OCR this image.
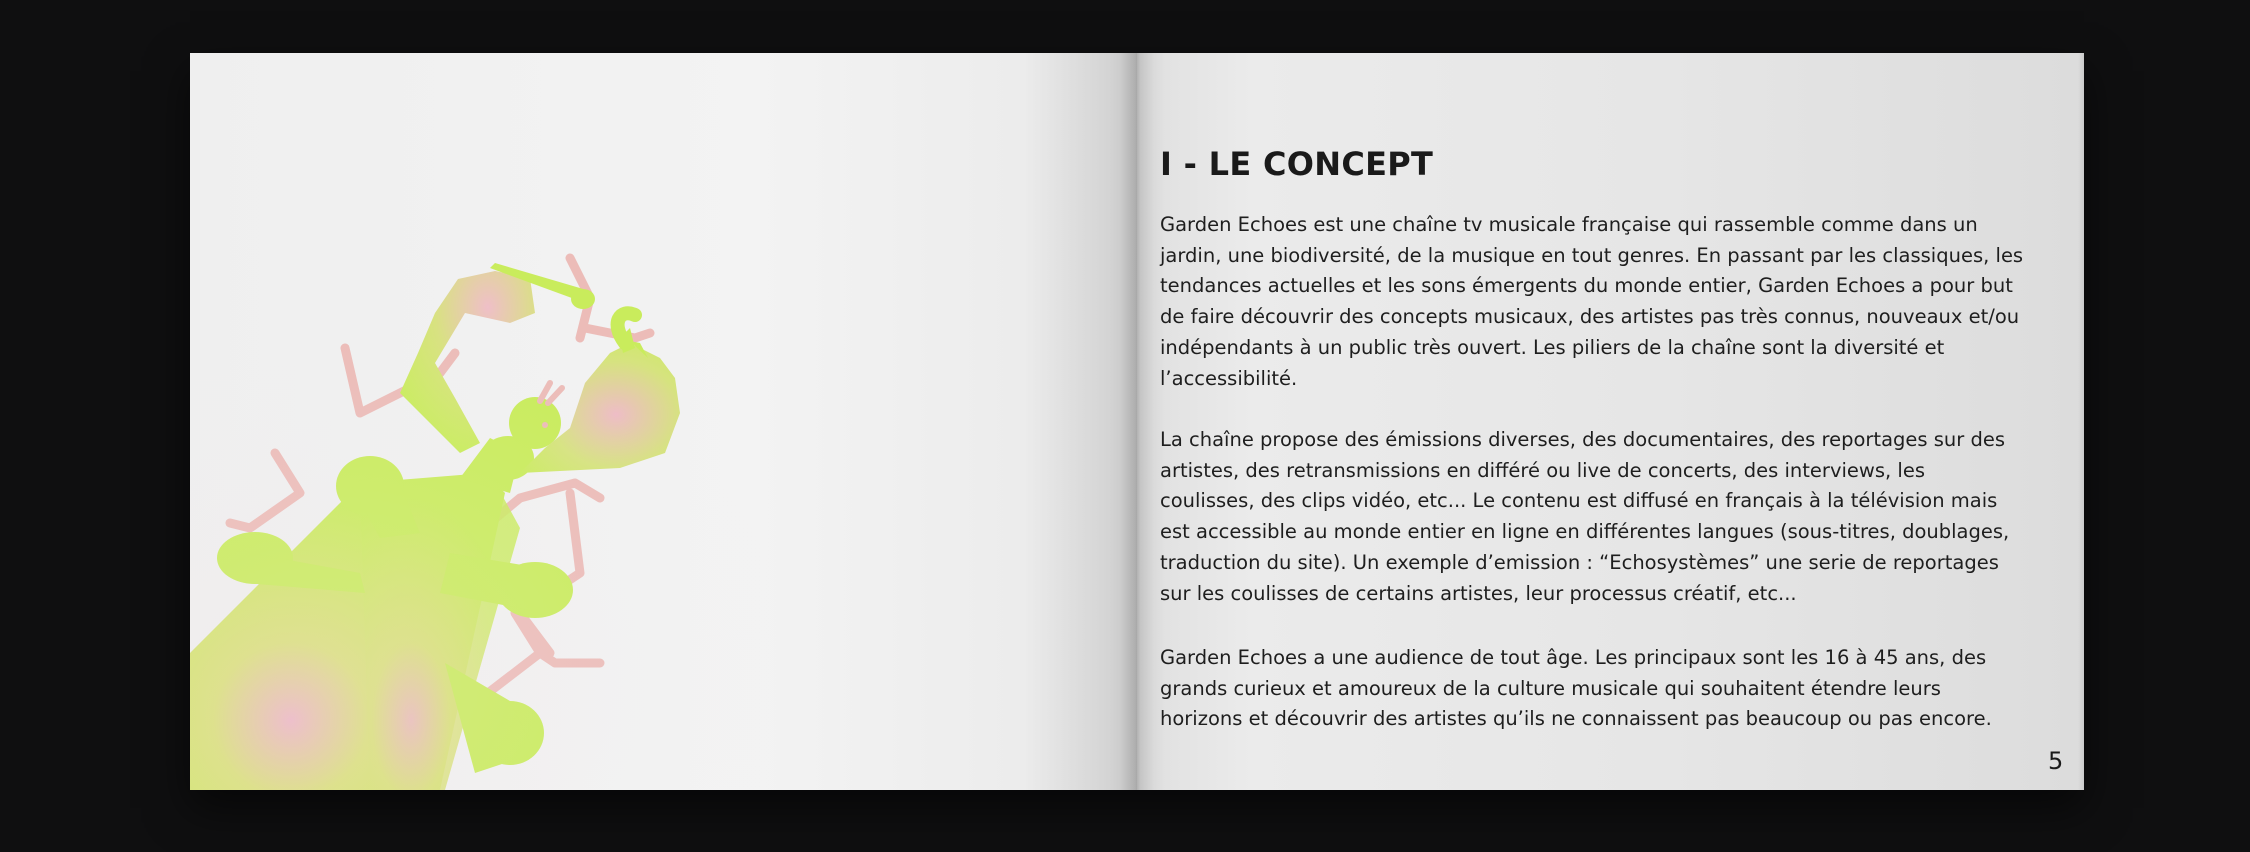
I - LE CONCEPT

Garden Echoes est une chaîne tv musicale française qui rassemble comme dans un
jardin, une biodiversité, de la musique en tout genres. En passant par les classiques, les
tendances actuelles et les sons émergents du monde entier, Garden Echoes a pour but
de faire découvrir des concepts musicaux, des artistes pas très connus, nouveaux et/ou
indépendants à un public très ouvert. Les piliers de la chaîne sont la diversité et
l’accessibilité.

La chaîne propose des émissions diverses, des documentaires, des reportages sur des
artistes, des retransmissions en différé ou live de concerts, des interviews, les
coulisses, des clips vidéo, etc... Le contenu est diffusé en français à la télévision mais
est accessible au monde entier en ligne en différentes langues (sous-titres, doublages,
traduction du site). Un exemple d’emission : “Echosystèmes” une serie de reportages
sur les coulisses de certains artistes, leur processus créatif, etc...

Garden Echoes a une audience de tout âge. Les principaux sont les 16 à 45 ans, des
grands curieux et amoureux de la culture musicale qui souhaitent étendre leurs
horizons et découvrir des artistes qu’ils ne connaissent pas beaucoup ou pas encore.

5
